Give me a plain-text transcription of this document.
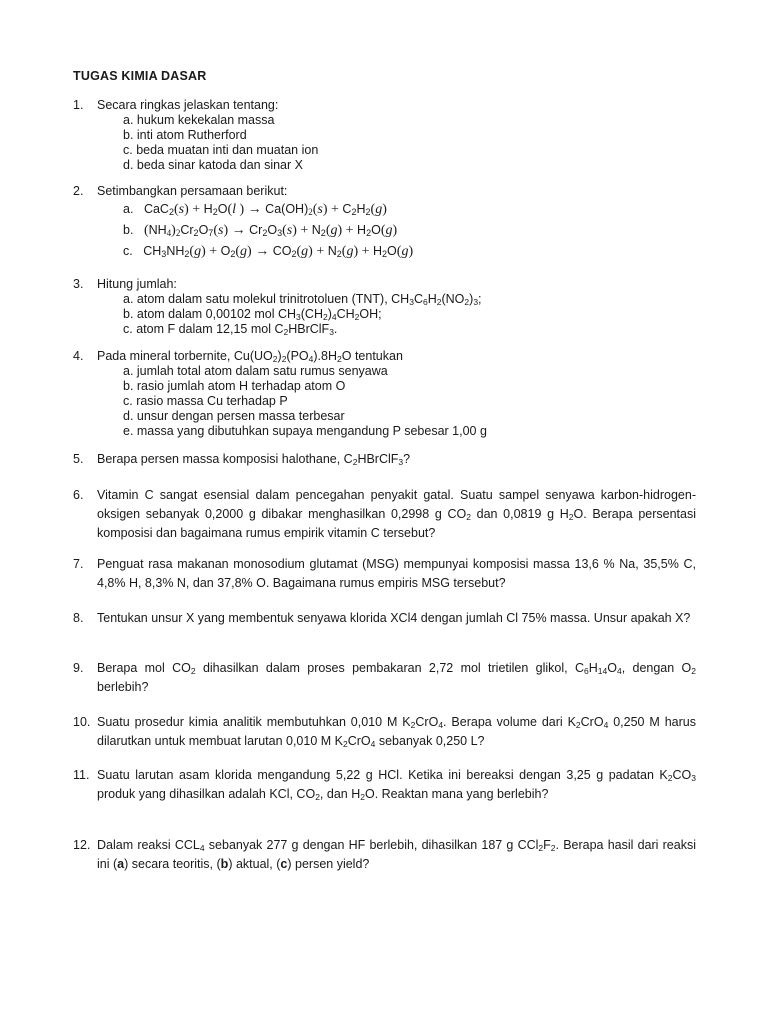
TUGAS KIMIA DASAR
1. Secara ringkas jelaskan tentang:
a. hukum kekekalan massa
b. inti atom Rutherford
c. beda muatan inti dan muatan ion
d. beda sinar katoda dan sinar X
2. Setimbangkan persamaan berikut:
a. $CaC_2(s) + H_2O(l$ ) → $Ca(OH)_2(s) + C_2H_2(g)$
b.   $(NH_4)_2Cr_2O_7(s) \to Cr_2O_3(s) + N_2(g) + H_2O(g)$
c. $CH_3NH_2(g) + O_2(g) \to CO_2(g) + N_2(g) + H_2O(g)$
3. Hitung jumlah:
a. atom dalam satu molekul trinitrotoluen (TNT), $CH_3C_6H_2(NO_2)_3$;
b. atom dalam 0,00102 mol $CH_3(CH_2)_4CH_2OH$;
c. atom F dalam 12,15 mol $C_2HBrClF_3$.
4. Pada mineral torbernite, $Cu(UO_2)_2(PO_4).8H_2O$ tentukan
a. jumlah total atom dalam satu rumus senyawa
b. rasio jumlah atom H terhadap atom O
c. rasio massa Cu terhadap P
d. unsur dengan persen massa terbesar
e. massa yang dibutuhkan supaya mengandung P sebesar 1,00 g
5. Berapa persen massa komposisi halothane, $C_2HBrClF_3$?
6. Vitamin C sangat esensial dalam pencegahan penyakit gatal. Suatu sampel senyawa karbon-hidrogen-oksigen sebanyak 0,2000 g dibakar menghasilkan 0,2998 g $CO_2$ dan 0,0819 g $H_2O$. Berapa persentasi komposisi dan bagaimana rumus empirik vitamin C tersebut?
7. Penguat rasa makanan monosodium glutamat (MSG) mempunyai komposisi massa 13,6 % Na, 35,5% C, 4,8% H, 8,3% N, dan 37,8% O. Bagaimana rumus empiris MSG tersebut?
8. Tentukan unsur X yang membentuk senyawa klorida XCl4 dengan jumlah Cl 75% massa. Unsur apakah X?
9. Berapa mol $CO_2$ dihasilkan dalam proses pembakaran 2,72 mol trietilen glikol, $C_6H_{14}O_4$, dengan $O_2$ berlebih?
10. Suatu prosedur kimia analitik membutuhkan 0,010 M $K_2CrO_4$. Berapa volume dari $K_2CrO_4$ 0,250 M harus dilarutkan untuk membuat larutan 0,010 M $K_2CrO_4$ sebanyak 0,250 L?
11. Suatu larutan asam klorida mengandung 5,22 g HCl. Ketika ini bereaksi dengan 3,25 g padatan $K_2CO_3$ produk yang dihasilkan adalah KCl, $CO_2$, dan $H_2O$. Reaktan mana yang berlebih?
12. Dalam reaksi $CCL_4$ sebanyak 277 g dengan HF berlebih, dihasilkan 187 g $CCl_2F_2$. Berapa hasil dari reaksi ini (a) secara teoritis, (b) aktual, (c) persen yield?
